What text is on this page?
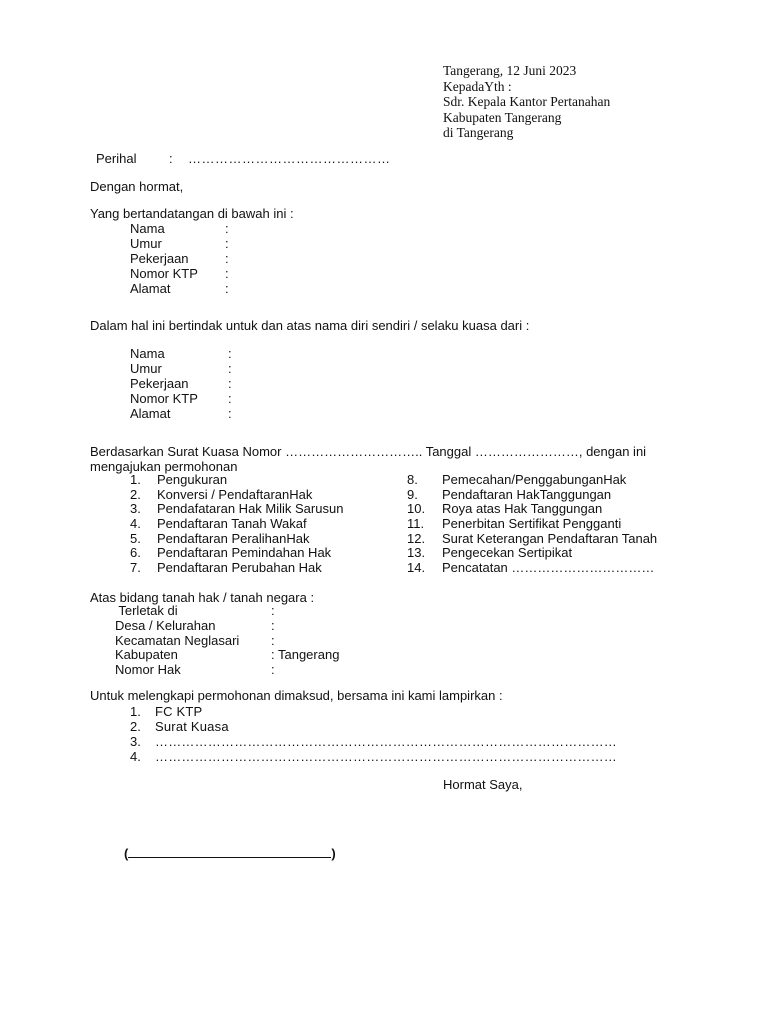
Tangerang, 12 Juni 2023
KepadaYth :
Sdr. Kepala Kantor Pertanahan
Kabupaten Tangerang
di Tangerang
Perihal	: ………………………………………
Dengan hormat,
Yang bertandatangan di bawah ini :
Nama	:
Umur	:
Pekerjaan	:
Nomor KTP :
Alamat	:
Dalam hal ini bertindak untuk dan atas nama diri sendiri / selaku kuasa dari :
Nama	:
Umur	:
Pekerjaan	:
Nomor KTP :
Alamat	:
Berdasarkan Surat Kuasa Nomor ………………………….. Tanggal ……………………, dengan ini
mengajukan permohonan
1. Pengukuran
2. Konversi / PendaftaranHak
3. Pendafataran Hak Milik Sarusun
4. Pendaftaran Tanah Wakaf
5. Pendaftaran PeralihanHak
6. Pendaftaran Pemindahan Hak
7. Pendaftaran Perubahan Hak
8. Pemecahan/PenggabunganHak
9. Pendaftaran HakTanggungan
10. Roya atas Hak Tanggungan
11. Penerbitan Sertifikat Pengganti
12. Surat Keterangan Pendaftaran Tanah
13. Pengecekan Sertipikat
14. Pencatatan ……………………………
Atas bidang tanah hak / tanah negara :
Terletak di	:
Desa / Kelurahan	:
Kecamatan Neglasari :
Kabupaten	: Tangerang
Nomor Hak	:
Untuk melengkapi permohonan dimaksud, bersama ini kami lampirkan :
1. FC KTP
2. Surat Kuasa
3. ……………………………………………………………………………………………
4. ……………………………………………………………………………………………
Hormat Saya,
(	)
